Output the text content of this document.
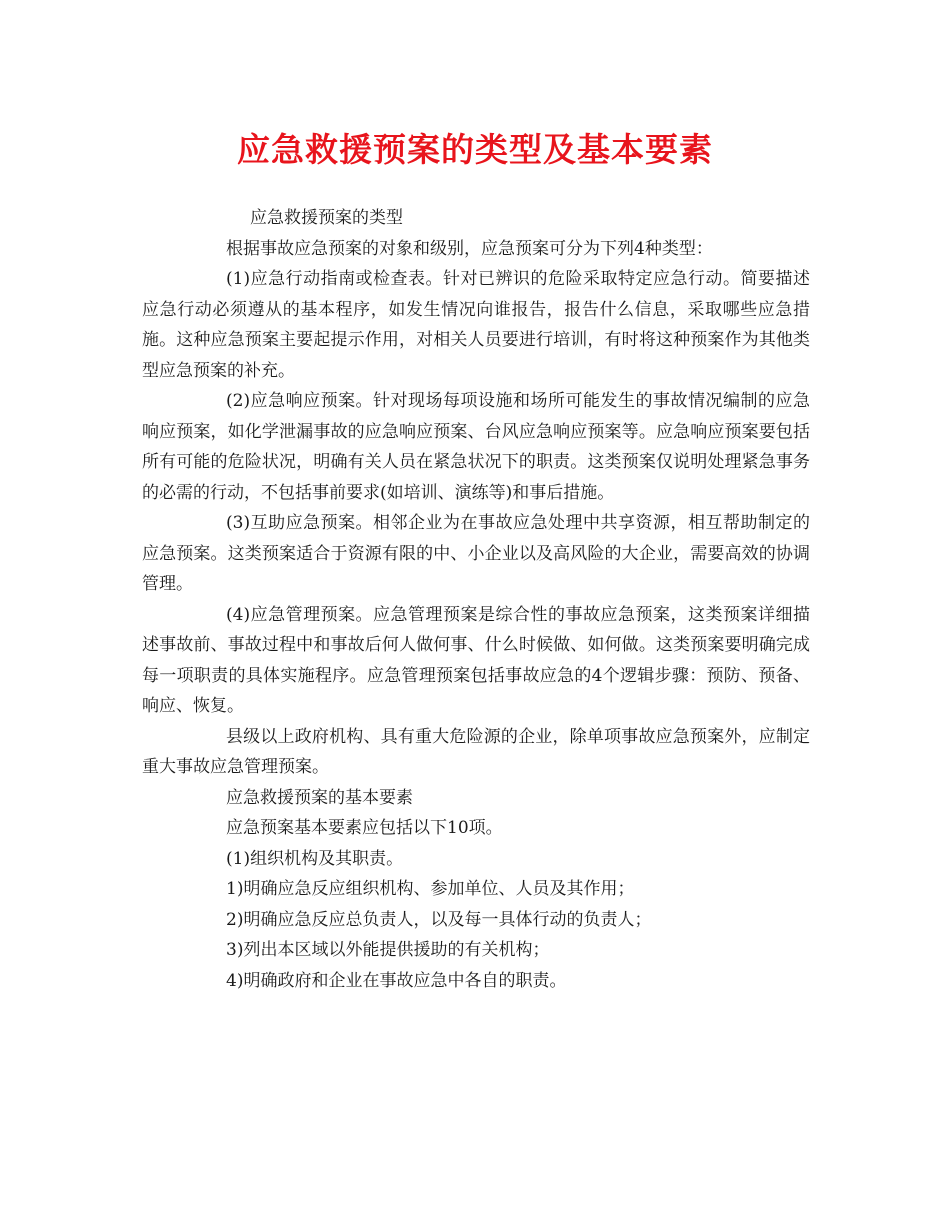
应急救援预案的类型及基本要素

应急救援预案的类型

根据事故应急预案的对象和级别，应急预案可分为下列4种类型：

(1)应急行动指南或检查表。针对已辨识的危险采取特定应急行动。简要描述应急行动必须遵从的基本程序，如发生情况向谁报告，报告什么信息，采取哪些应急措施。这种应急预案主要起提示作用，对相关人员要进行培训，有时将这种预案作为其他类型应急预案的补充。

(2)应急响应预案。针对现场每项设施和场所可能发生的事故情况编制的应急响应预案，如化学泄漏事故的应急响应预案、台风应急响应预案等。应急响应预案要包括所有可能的危险状况，明确有关人员在紧急状况下的职责。这类预案仅说明处理紧急事务的必需的行动，不包括事前要求(如培训、演练等)和事后措施。

(3)互助应急预案。相邻企业为在事故应急处理中共享资源，相互帮助制定的应急预案。这类预案适合于资源有限的中、小企业以及高风险的大企业，需要高效的协调管理。

(4)应急管理预案。应急管理预案是综合性的事故应急预案，这类预案详细描述事故前、事故过程中和事故后何人做何事、什么时候做、如何做。这类预案要明确完成每一项职责的具体实施程序。应急管理预案包括事故应急的4个逻辑步骤：预防、预备、响应、恢复。

县级以上政府机构、具有重大危险源的企业，除单项事故应急预案外，应制定重大事故应急管理预案。

应急救援预案的基本要素

应急预案基本要素应包括以下10项。

(1)组织机构及其职责。

1)明确应急反应组织机构、参加单位、人员及其作用；

2)明确应急反应总负责人，以及每一具体行动的负责人；

3)列出本区域以外能提供援助的有关机构；

4)明确政府和企业在事故应急中各自的职责。
